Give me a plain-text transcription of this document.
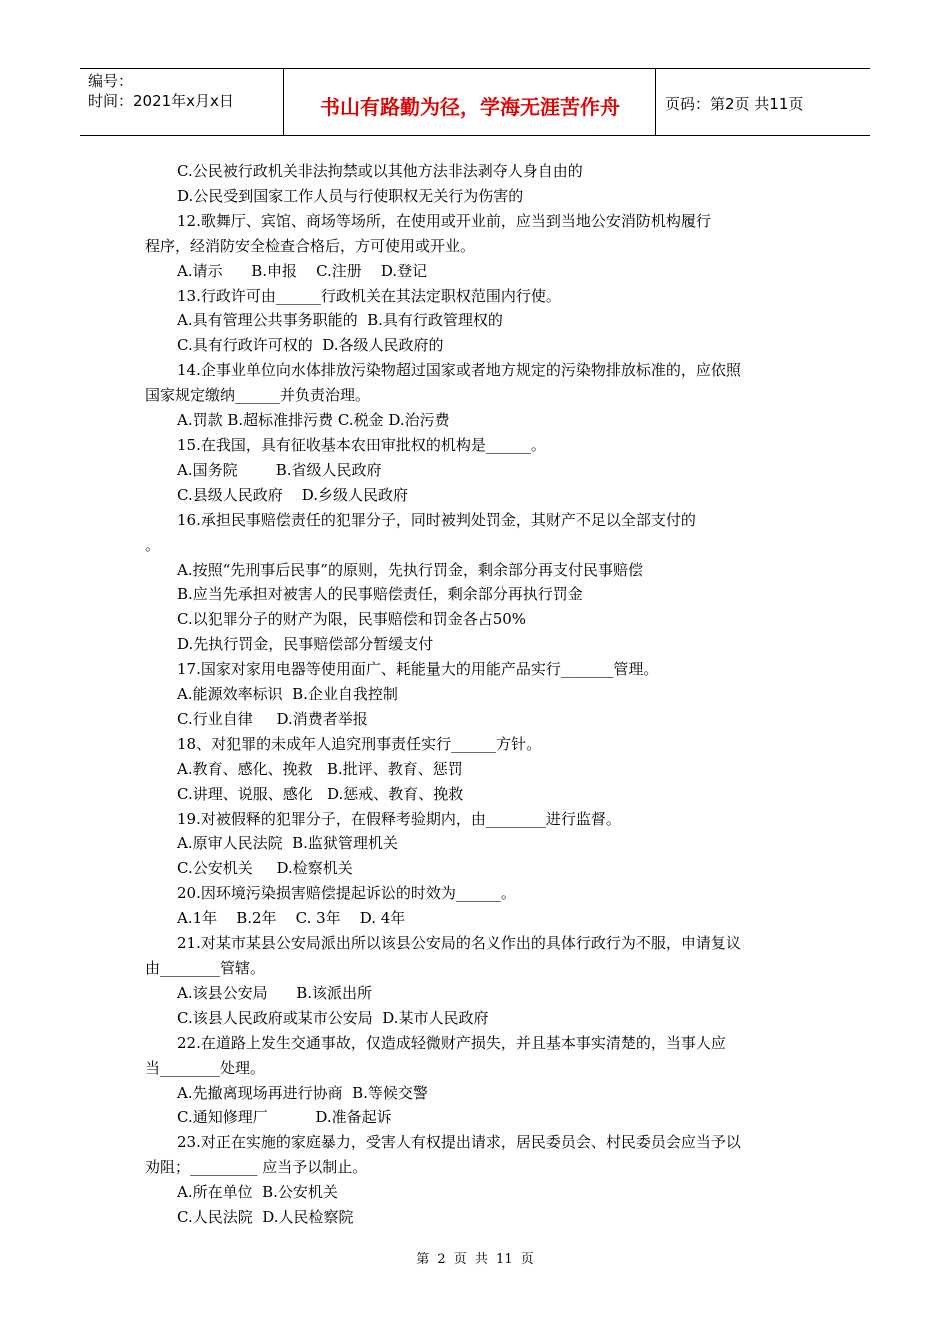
编号：
时间：2021年x月x日	书山有路勤为径，学海无涯苦作舟	页码：第2页 共11页
C.公民被行政机关非法拘禁或以其他方法非法剥夺人身自由的
D.公民受到国家工作人员与行使职权无关行为伤害的
12.歌舞厅、宾馆、商场等场所，在使用或开业前，应当到当地公安消防机构履行
程序，经消防安全检查合格后，方可使用或开业。
A.请示      B.申报    C.注册    D.登记
13.行政许可由______行政机关在其法定职权范围内行使。
A.具有管理公共事务职能的  B.具有行政管理权的
C.具有行政许可权的  D.各级人民政府的
14.企事业单位向水体排放污染物超过国家或者地方规定的污染物排放标准的，应依照
国家规定缴纳______并负责治理。
A.罚款 B.超标准排污费 C.税金 D.治污费
15.在我国，具有征收基本农田审批权的机构是______。
A.国务院        B.省级人民政府
C.县级人民政府    D.乡级人民政府
16.承担民事赔偿责任的犯罪分子，同时被判处罚金，其财产不足以全部支付的
。
A.按照“先刑事后民事”的原则，先执行罚金，剩余部分再支付民事赔偿
B.应当先承担对被害人的民事赔偿责任，剩余部分再执行罚金
C.以犯罪分子的财产为限，民事赔偿和罚金各占50%
D.先执行罚金，民事赔偿部分暂缓支付
17.国家对家用电器等使用面广、耗能量大的用能产品实行_______管理。
A.能源效率标识  B.企业自我控制
C.行业自律     D.消费者举报
18、对犯罪的未成年人追究刑事责任实行______方针。
A.教育、感化、挽救   B.批评、教育、惩罚
C.讲理、说服、感化   D.惩戒、教育、挽救
19.对被假释的犯罪分子，在假释考验期内，由________进行监督。
A.原审人民法院  B.监狱管理机关
C.公安机关     D.检察机关
20.因环境污染损害赔偿提起诉讼的时效为______。
A.1年    B.2年    C. 3年    D. 4年
21.对某市某县公安局派出所以该县公安局的名义作出的具体行政行为不服，申请复议
由________管辖。
A.该县公安局      B.该派出所
C.该县人民政府或某市公安局  D.某市人民政府
22.在道路上发生交通事故，仅造成轻微财产损失，并且基本事实清楚的，当事人应
当________处理。
A.先撤离现场再进行协商  B.等候交警
C.通知修理厂          D.准备起诉
23.对正在实施的家庭暴力，受害人有权提出请求，居民委员会、村民委员会应当予以
劝阻；_________ 应当予以制止。
A.所在单位  B.公安机关
C.人民法院  D.人民检察院
第 2 页 共 11 页
